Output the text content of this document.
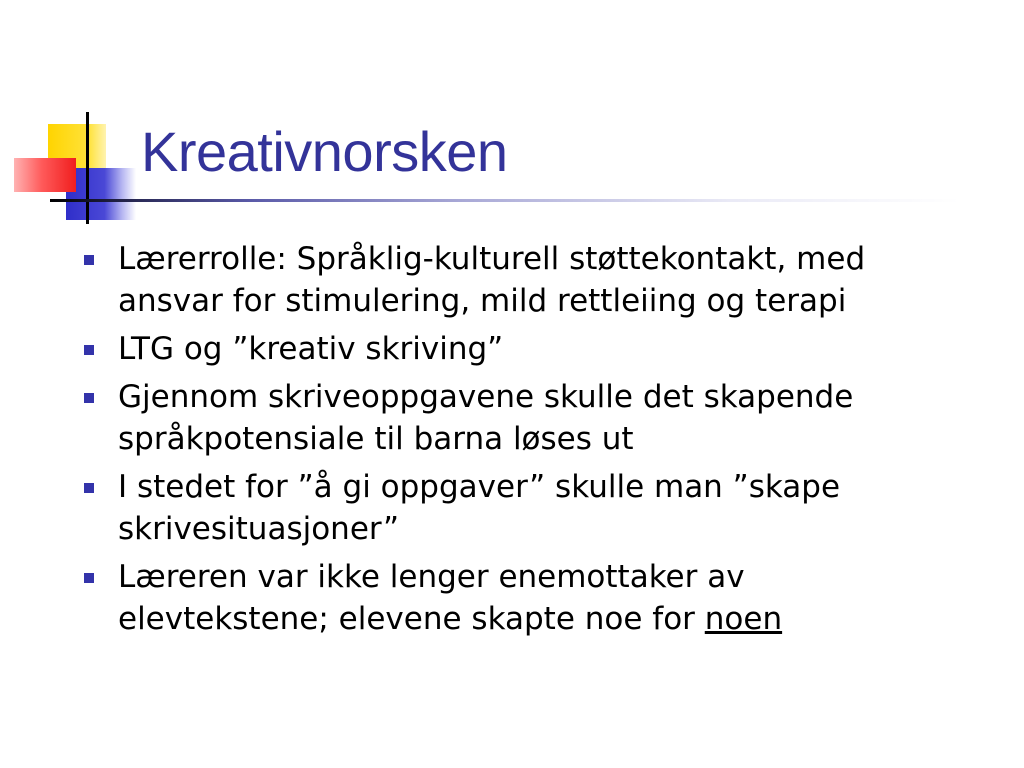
Kreativnorsken
Lærerrolle: Språklig-kulturell støttekontakt, med ansvar for stimulering, mild rettleiing og terapi
LTG og ”kreativ skriving”
Gjennom skriveoppgavene skulle det skapende språkpotensiale til barna løses ut
I stedet for ”å gi oppgaver” skulle man ”skape skrivesituasjoner”
Læreren var ikke lenger enemottaker av elevtekstene; elevene skapte noe for noen
